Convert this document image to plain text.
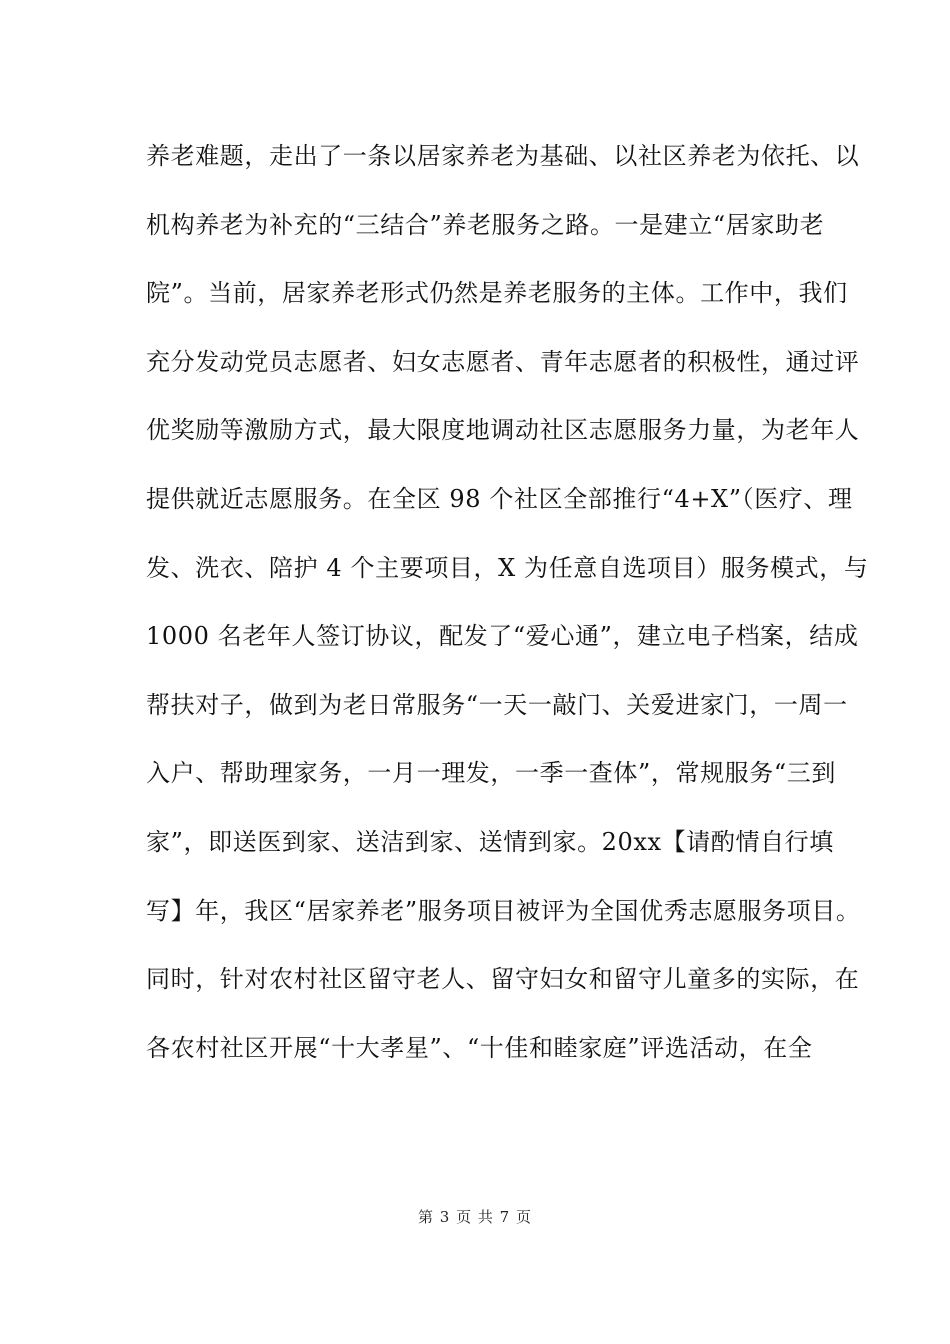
养老难题，走出了一条以居家养老为基础、以社区养老为依托、以
机构养老为补充的“三结合”养老服务之路。一是建立“居家助老
院”。当前，居家养老形式仍然是养老服务的主体。工作中，我们
充分发动党员志愿者、妇女志愿者、青年志愿者的积极性，通过评
优奖励等激励方式，最大限度地调动社区志愿服务力量，为老年人
提供就近志愿服务。在全区 98 个社区全部推行“4+X”（医疗、理
发、洗衣、陪护 4 个主要项目，X 为任意自选项目）服务模式，与
1000 名老年人签订协议，配发了“爱心通”，建立电子档案，结成
帮扶对子，做到为老日常服务“一天一敲门、关爱进家门，一周一
入户、帮助理家务，一月一理发，一季一查体”，常规服务“三到
家”，即送医到家、送洁到家、送情到家。20xx【请酌情自行填
写】年，我区“居家养老”服务项目被评为全国优秀志愿服务项目。
同时，针对农村社区留守老人、留守妇女和留守儿童多的实际，在
各农村社区开展“十大孝星”、“十佳和睦家庭”评选活动，在全
第 3 页 共 7 页
